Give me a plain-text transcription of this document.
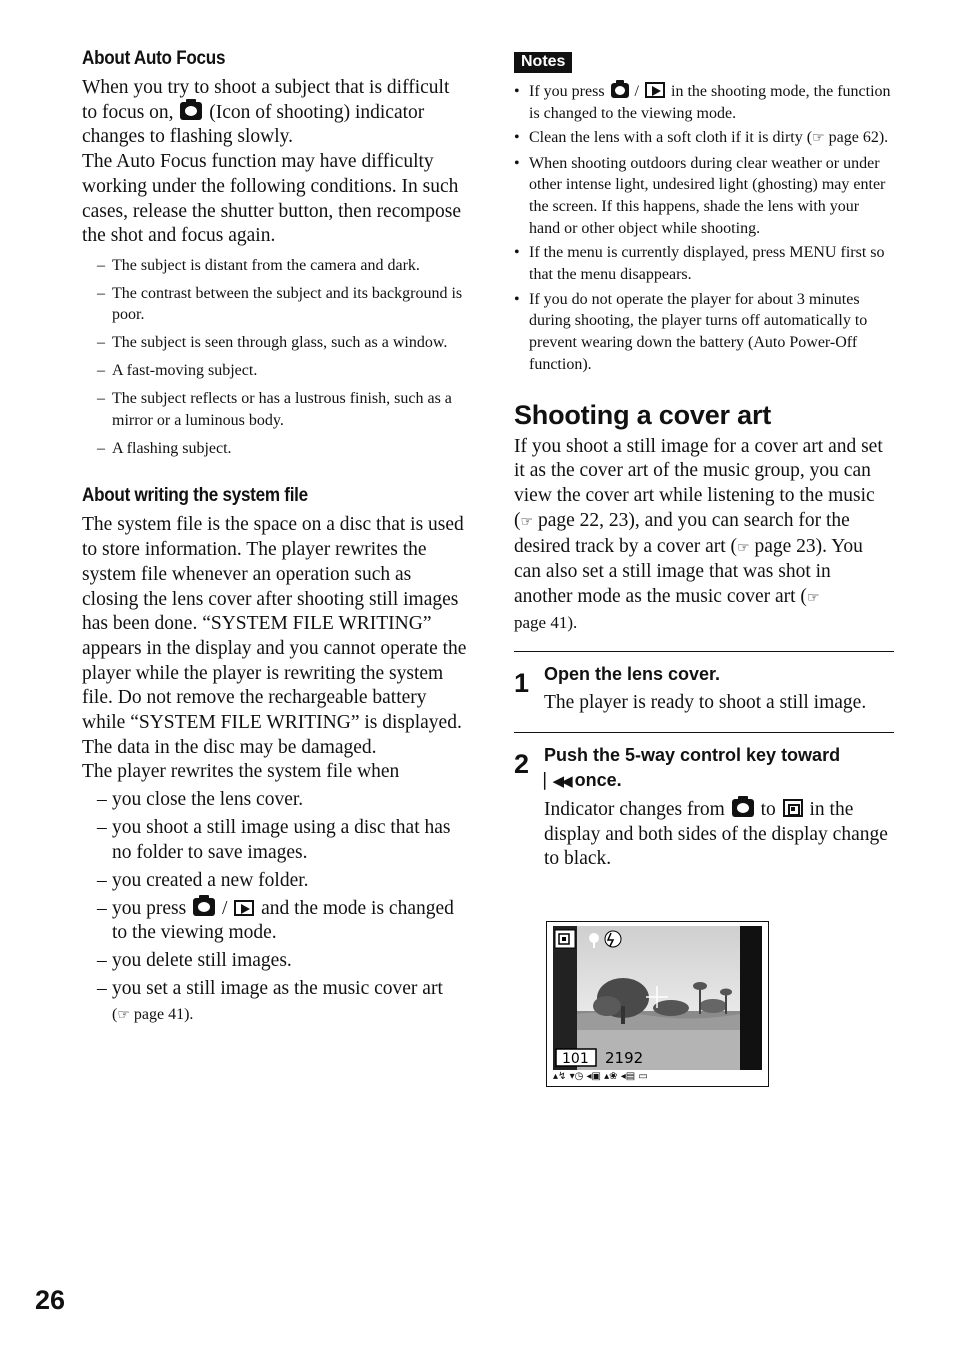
About Auto Focus

When you try to shoot a subject that is difficult to focus on,  (Icon of shooting) indicator changes to flashing slowly.

The Auto Focus function may have difficulty working under the following conditions. In such cases, release the shutter button, then recompose the shot and focus again.

– The subject is distant from the camera and dark.
– The contrast between the subject and its background is poor.
– The subject is seen through glass, such as a window.
– A fast-moving subject.
– The subject reflects or has a lustrous finish, such as a mirror or a luminous body.
– A flashing subject.
About writing the system file

The system file is the space on a disc that is used to store information. The player rewrites the system file whenever an operation such as closing the lens cover after shooting still images has been done. “SYSTEM FILE WRITING” appears in the display and you cannot operate the player while the player is rewriting the system file. Do not remove the rechargeable battery while “SYSTEM FILE WRITING” is displayed. The data in the disc may be damaged.

The player rewrites the system file when

– you close the lens cover.
– you shoot a still image using a disc that has no folder to save images.
– you created a new folder.
– you press  /  and the mode is changed to the viewing mode.
– you delete still images.
– you set a still image as the music cover art
(☞ page 41).
Notes
• If you press  /  in the shooting mode, the function is changed to the viewing mode.
• Clean the lens with a soft cloth if it is dirty (☞ page 62).
• When shooting outdoors during clear weather or under other intense light, undesired light (ghosting) may enter the screen. If this happens, shade the lens with your hand or other object while shooting.
• If the menu is currently displayed, press MENU first so that the menu disappears.
• If you do not operate the player for about 3 minutes during shooting, the player turns off automatically to prevent wearing down the battery (Auto Power-Off function).
Shooting a cover art

If you shoot a still image for a cover art and set it as the cover art of the music group, you can view the cover art while listening to the music (☞ page 22, 23), and you can search for the desired track by a cover art (☞ page 23). You can also set a still image that was shot in another mode as the music cover art (☞
page 41).

1 Open the lens cover.

The player is ready to shoot a still image.

2 Push the 5-way control key toward
▏◀◀ once.

Indicator changes from  to  in the display and both sides of the display change to black.

101 2192
▴↯ ▾◷ ◂▣ ▴❀ ◂▤ ▭
26
